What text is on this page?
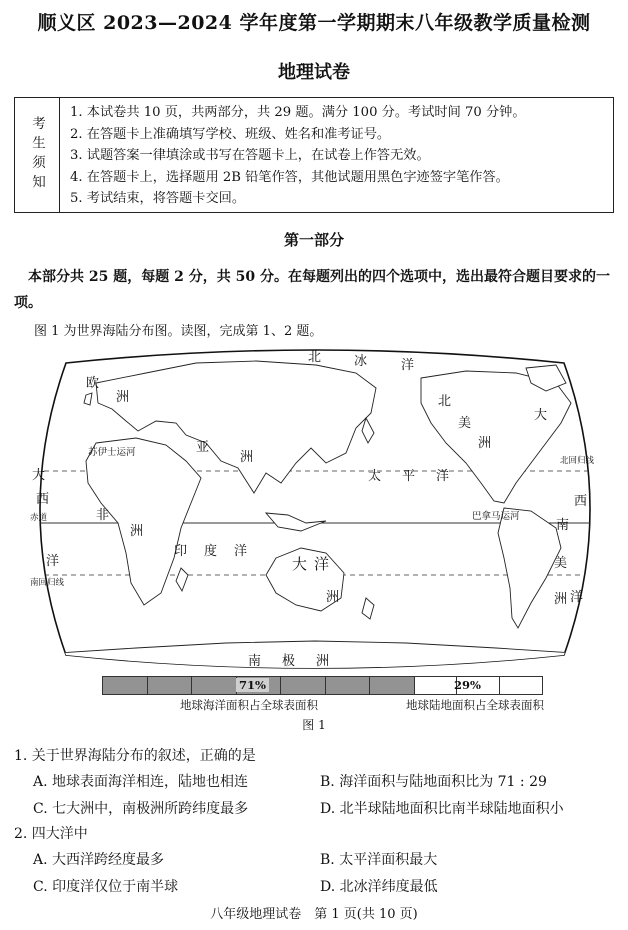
顺义区 2023—2024 学年度第一学期期末八年级教学质量检测
地理试卷
考生须知
1. 本试卷共 10 页，共两部分，共 29 题。满分 100 分。考试时间 70 分钟。
2. 在答题卡上准确填写学校、班级、姓名和准考证号。
3. 试题答案一律填涂或书写在答题卡上，在试卷上作答无效。
4. 在答题卡上，选择题用 2B 铅笔作答，其他试题用黑色字迹签字笔作答。
5. 考试结束，将答题卡交回。
第一部分
本部分共 25 题，每题 2 分，共 50 分。在每题列出的四个选项中，选出最符合题目要求的一项。
图 1 为世界海陆分布图。读图，完成第 1、2 题。
北	冰	洋
欧
洲
亚
洲
苏伊士运河
非
洲
印 度 洋
太 平 洋
巴拿马运河
大 洋
洲
北
美
洲
南
美
洲
大
西
洋
大
西
洋
赤道
北回归线
南回归线
南 极 洲
71%	29%
地球海洋面积占全球表面积	地球陆地面积占全球表面积
图 1
1. 关于世界海陆分布的叙述，正确的是
A. 地球表面海洋相连，陆地也相连	B. 海洋面积与陆地面积比为 71 : 29
C. 七大洲中，南极洲所跨纬度最多	D. 北半球陆地面积比南半球陆地面积小
2. 四大洋中
A. 大西洋跨经度最多	B. 太平洋面积最大
C. 印度洋仅位于南半球	D. 北冰洋纬度最低
八年级地理试卷　第 1 页(共 10 页)
